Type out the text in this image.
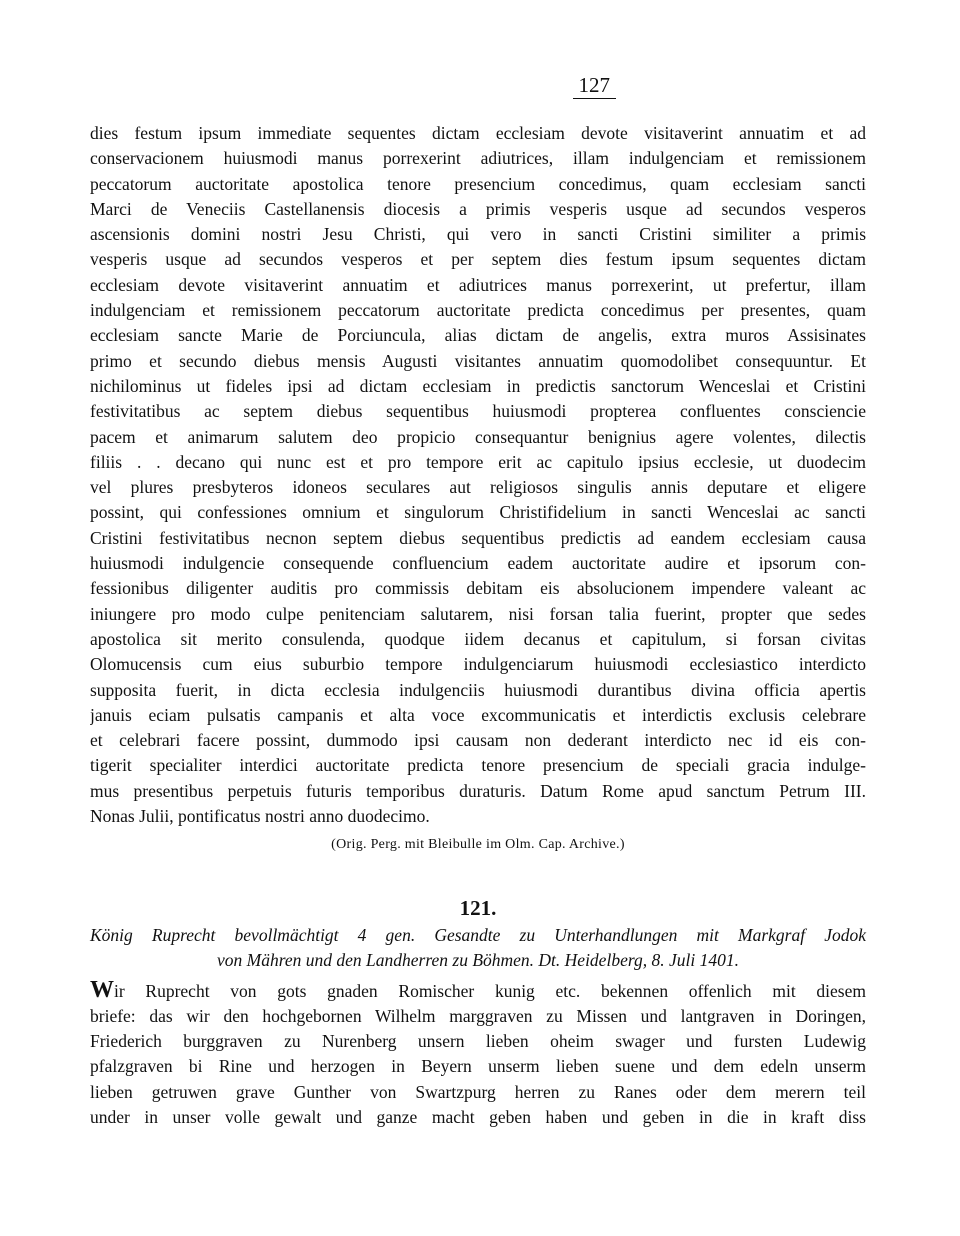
127
dies festum ipsum immediate sequentes dictam ecclesiam devote visitaverint annuatim et ad
conservacionem huiusmodi manus porrexerint adiutrices, illam indulgenciam et remissionem
peccatorum auctoritate apostolica tenore presencium concedimus, quam ecclesiam sancti
Marci de Veneciis Castellanensis diocesis a primis vesperis usque ad secundos vesperos
ascensionis domini nostri Jesu Christi, qui vero in sancti Cristini similiter a primis
vesperis usque ad secundos vesperos et per septem dies festum ipsum sequentes dictam
ecclesiam devote visitaverint annuatim et adiutrices manus porrexerint, ut prefertur, illam
indulgenciam et remissionem peccatorum auctoritate predicta concedimus per presentes, quam
ecclesiam sancte Marie de Porciuncula, alias dictam de angelis, extra muros Assisinates
primo et secundo diebus mensis Augusti visitantes annuatim quomodolibet consequuntur. Et
nichilominus ut fideles ipsi ad dictam ecclesiam in predictis sanctorum Wenceslai et Cristini
festivitatibus ac septem diebus sequentibus huiusmodi propterea confluentes consciencie
pacem et animarum salutem deo propicio consequantur benignius agere volentes, dilectis
filiis . . decano qui nunc est et pro tempore erit ac capitulo ipsius ecclesie, ut duodecim
vel plures presbyteros idoneos seculares aut religiosos singulis annis deputare et eligere
possint, qui confessiones omnium et singulorum Christifidelium in sancti Wenceslai ac sancti
Cristini festivitatibus necnon septem diebus sequentibus predictis ad eandem ecclesiam causa
huiusmodi indulgencie consequende confluencium eadem auctoritate audire et ipsorum con-
fessionibus diligenter auditis pro commissis debitam eis absolucionem impendere valeant ac
iniungere pro modo culpe penitenciam salutarem, nisi forsan talia fuerint, propter que sedes
apostolica sit merito consulenda, quodque iidem decanus et capitulum, si forsan civitas
Olomucensis cum eius suburbio tempore indulgenciarum huiusmodi ecclesiastico interdicto
supposita fuerit, in dicta ecclesia indulgenciis huiusmodi durantibus divina officia apertis
januis eciam pulsatis campanis et alta voce excommunicatis et interdictis exclusis celebrare
et celebrari facere possint, dummodo ipsi causam non dederant interdicto nec id eis con-
tigerit specialiter interdici auctoritate predicta tenore presencium de speciali gracia indulge-
mus presentibus perpetuis futuris temporibus duraturis. Datum Rome apud sanctum Petrum III.
Nonas Julii, pontificatus nostri anno duodecimo.
(Orig. Perg. mit Bleibulle im Olm. Cap. Archive.)
121.
König Ruprecht bevollmächtigt 4 gen. Gesandte zu Unterhandlungen mit Markgraf Jodok
von Mähren und den Landherren zu Böhmen. Dt. Heidelberg, 8. Juli 1401.
Wir Ruprecht von gots gnaden Romischer kunig etc. bekennen offenlich mit diesem
briefe: das wir den hochgebornen Wilhelm marggraven zu Missen und lantgraven in Doringen,
Friederich burggraven zu Nurenberg unsern lieben oheim swager und fursten Ludewig
pfalzgraven bi Rine und herzogen in Beyern unserm lieben suene und dem edeln unserm
lieben getruwen grave Gunther von Swartzpurg herren zu Ranes oder dem merern teil
under in unser volle gewalt und ganze macht geben haben und geben in die in kraft diss
